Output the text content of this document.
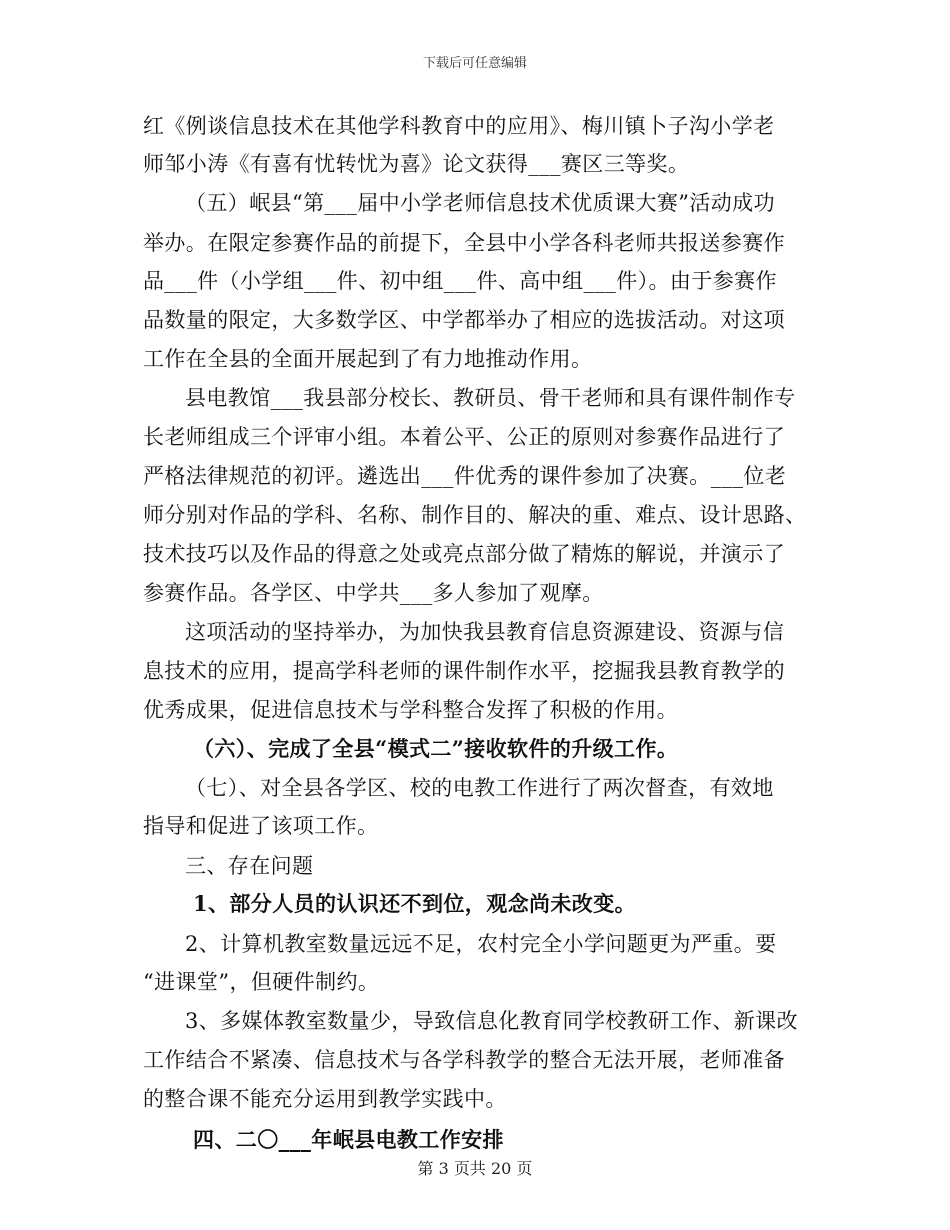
下载后可任意编辑
红《例谈信息技术在其他学科教育中的应用》、梅川镇卜子沟小学老
师邹小涛《有喜有忧转忧为喜》论文获得___赛区三等奖。
（五）岷县“第___届中小学老师信息技术优质课大赛”活动成功
举办。在限定参赛作品的前提下，全县中小学各科老师共报送参赛作
品___件（小学组___件、初中组___件、高中组___件）。由于参赛作
品数量的限定，大多数学区、中学都举办了相应的选拔活动。对这项
工作在全县的全面开展起到了有力地推动作用。
县电教馆___我县部分校长、教研员、骨干老师和具有课件制作专
长老师组成三个评审小组。本着公平、公正的原则对参赛作品进行了
严格法律规范的初评。遴选出___件优秀的课件参加了决赛。___位老
师分别对作品的学科、名称、制作目的、解决的重、难点、设计思路、
技术技巧以及作品的得意之处或亮点部分做了精炼的解说，并演示了
参赛作品。各学区、中学共___多人参加了观摩。
这项活动的坚持举办，为加快我县教育信息资源建设、资源与信
息技术的应用，提高学科老师的课件制作水平，挖掘我县教育教学的
优秀成果，促进信息技术与学科整合发挥了积极的作用。
（六）、完成了全县“模式二”接收软件的升级工作。
（七）、对全县各学区、校的电教工作进行了两次督查，有效地
指导和促进了该项工作。
三、存在问题
1、部分人员的认识还不到位，观念尚未改变。
2、计算机教室数量远远不足，农村完全小学问题更为严重。要
“进课堂”，但硬件制约。
3、多媒体教室数量少，导致信息化教育同学校教研工作、新课改
工作结合不紧凑、信息技术与各学科教学的整合无法开展，老师准备
的整合课不能充分运用到教学实践中。
四、二〇___年岷县电教工作安排
第 3 页共 20 页
